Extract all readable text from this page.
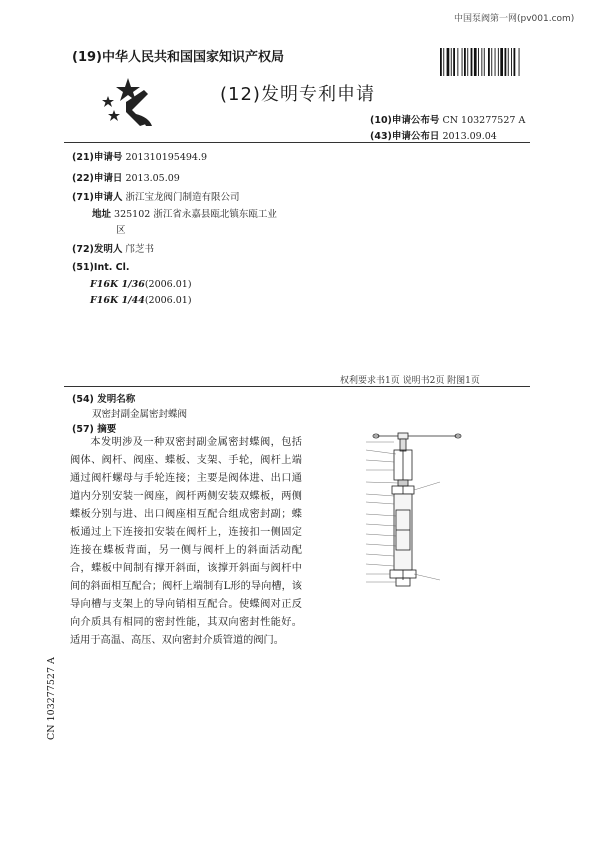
中国泵阀第一网(pv001.com)
(19)中华人民共和国国家知识产权局
(12)发明专利申请
(10)申请公布号 CN 103277527 A
(43)申请公布日 2013.09.04
(21)申请号 201310195494.9
(22)申请日 2013.05.09
(71)申请人 浙江宝龙阀门制造有限公司
地址 325102 浙江省永嘉县瓯北镇东瓯工业
区
(72)发明人 邝芝书
(51)Int. Cl.
F16K 1/36(2006.01)
F16K 1/44(2006.01)
权利要求书1页 说明书2页 附图1页
(54) 发明名称
双密封副金属密封蝶阀
(57) 摘要

本发明涉及一种双密封副金属密封蝶阀，包括阀体、阀杆、阀座、蝶板、支架、手轮，阀杆上端通过阀杆螺母与手轮连接；主要是阀体进、出口通道内分别安装一阀座，阀杆两侧安装双蝶板，两侧蝶板分别与进、出口阀座相互配合组成密封副；蝶板通过上下连接扣安装在阀杆上，连接扣一侧固定连接在蝶板背面，另一侧与阀杆上的斜面活动配合，蝶板中间制有撑开斜面，该撑开斜面与阀杆中间的斜面相互配合；阀杆上端制有L形的导向槽，该导向槽与支架上的导向销相互配合。使蝶阀对正反向介质具有相同的密封性能，其双向密封性能好。适用于高温、高压、双向密封介质管道的阀门。

CN 103277527 A
